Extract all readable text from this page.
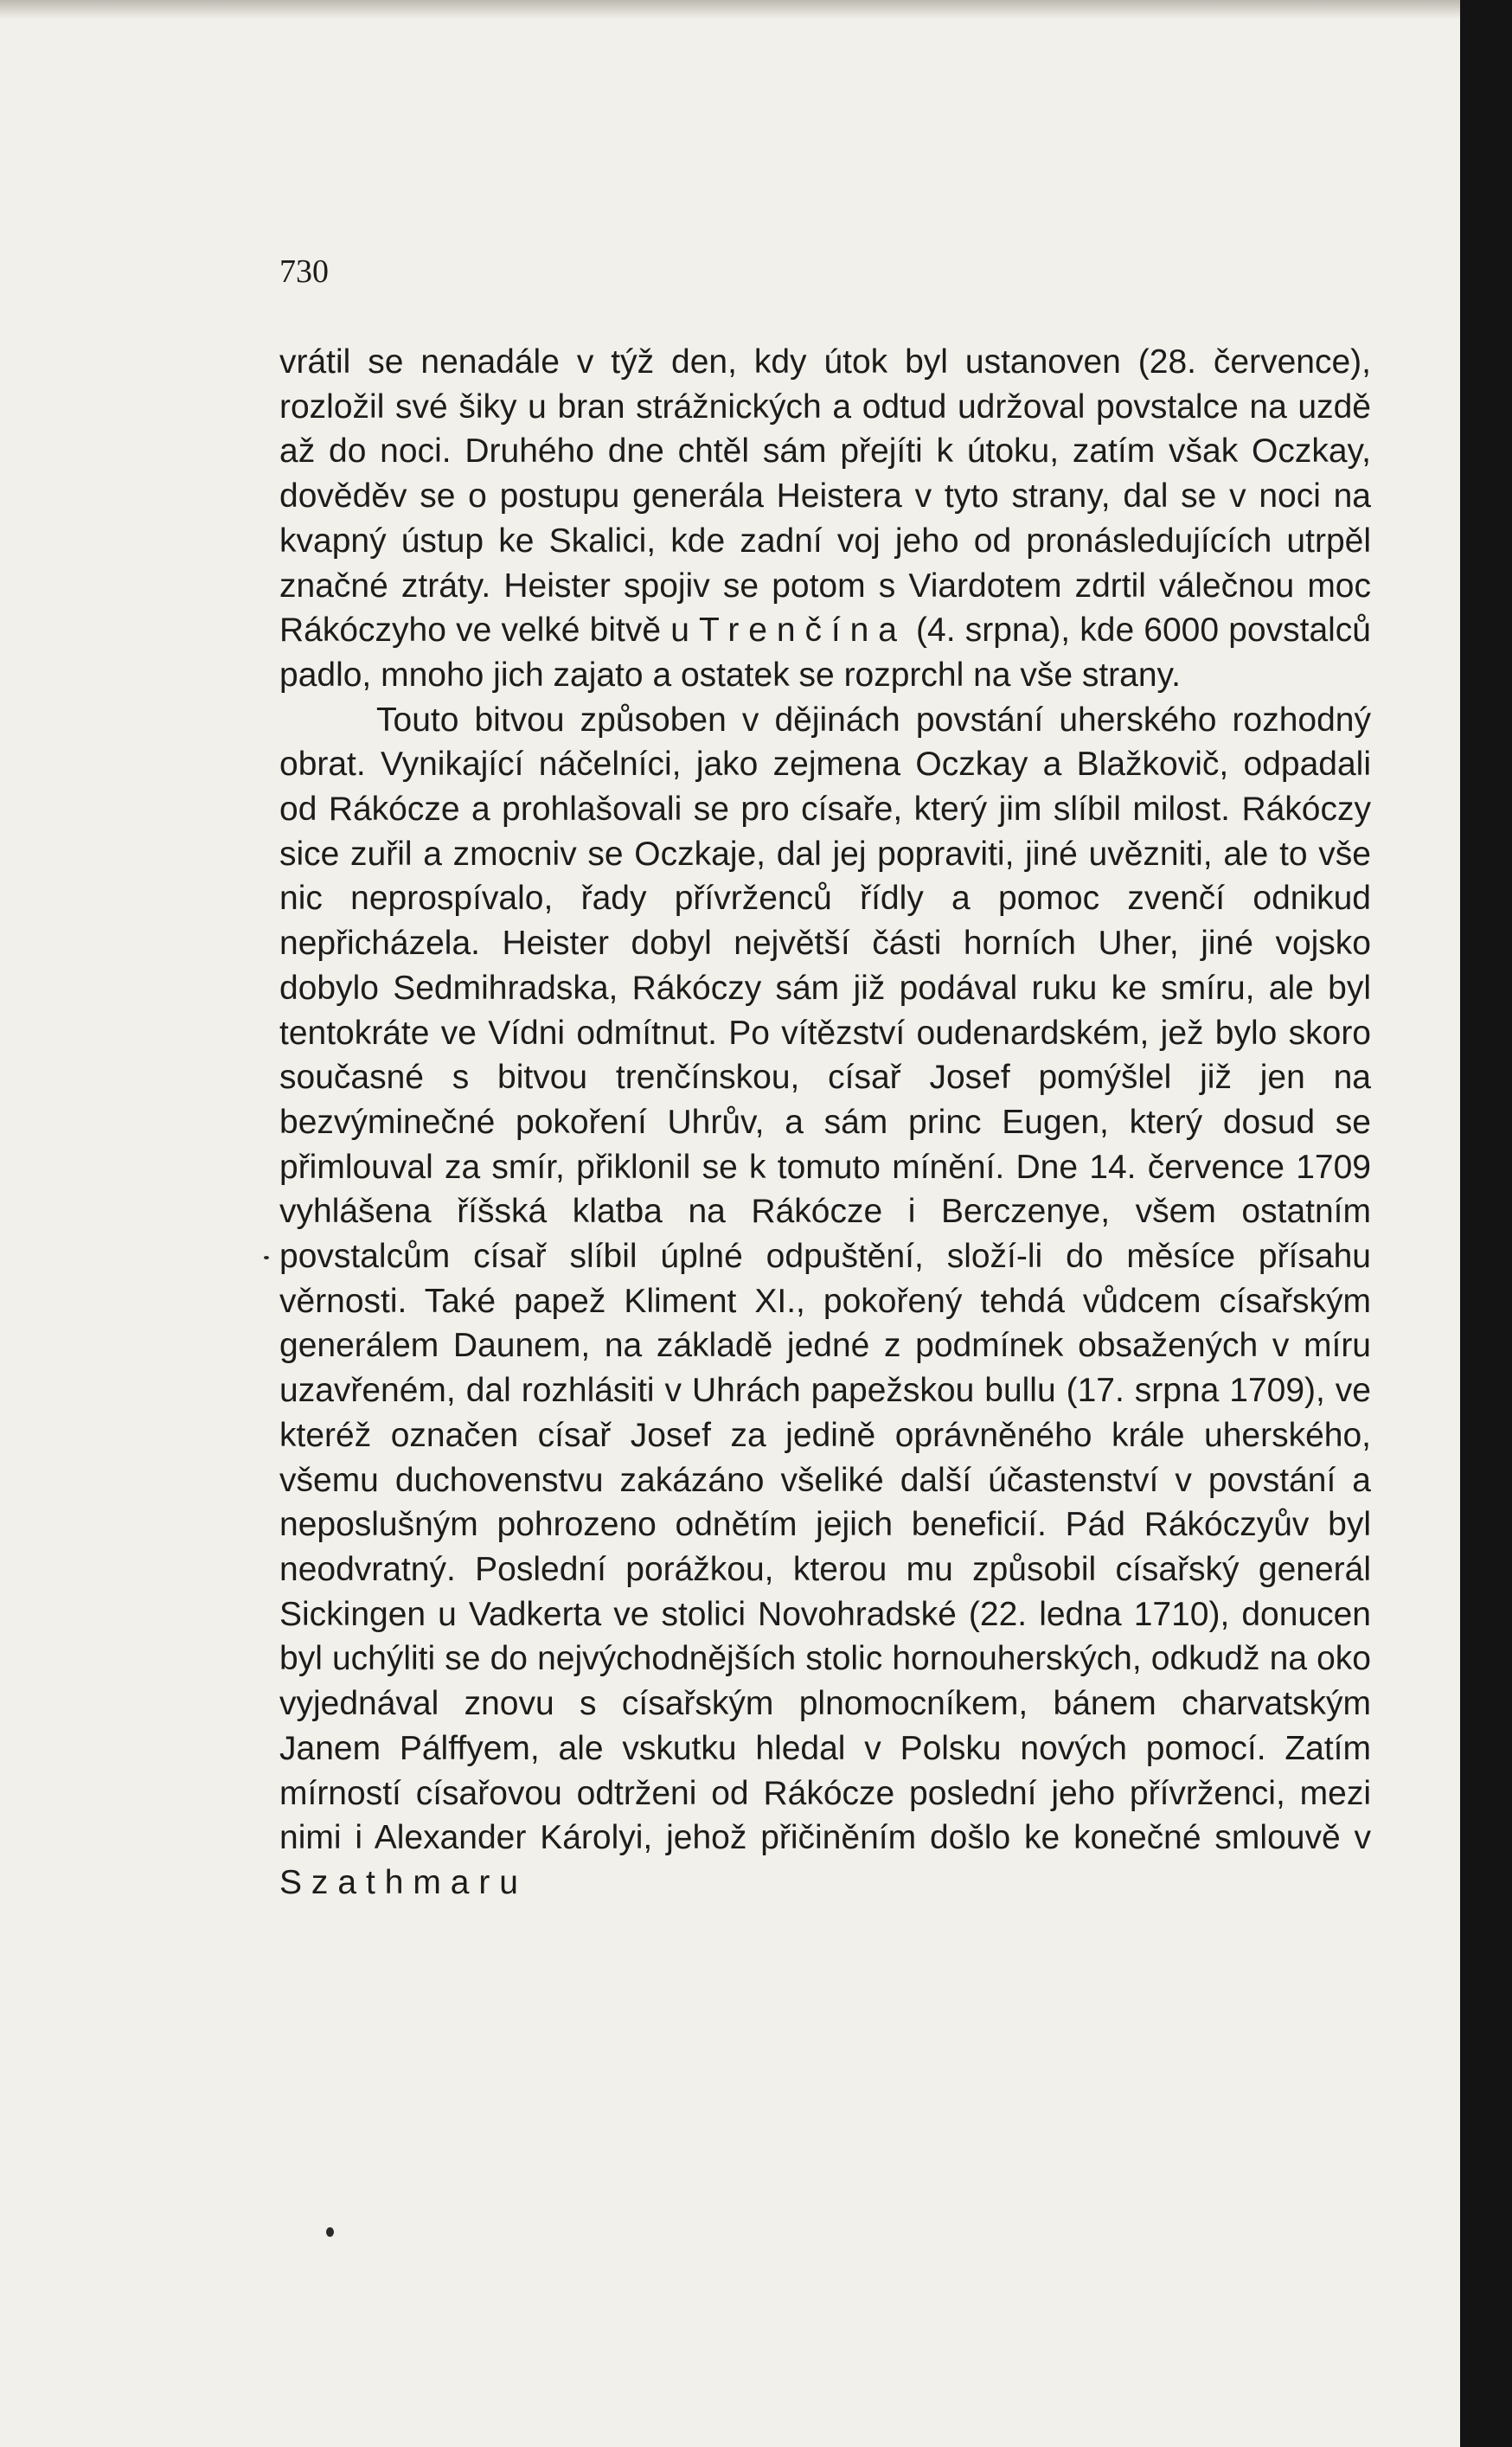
730

vrátil se nenadále v týž den, kdy útok byl ustanoven (28. července), rozložil své šiky u bran strážnických a odtud udržoval povstalce na uzdě až do noci. Druhého dne chtěl sám přejíti k útoku, zatím však Oczkay, dověděv se o postupu generála Heistera v tyto strany, dal se v noci na kvapný ústup ke Skalici, kde zadní voj jeho od pronásledujících utrpěl značné ztráty. Heister spojiv se potom s Viardotem zdrtil válečnou moc Rákóczyho ve velké bitvě u Trenčína (4. srpna), kde 6000 povstalců padlo, mnoho jich zajato a ostatek se rozprchl na vše strany.

Touto bitvou způsoben v dějinách povstání uherského rozhodný obrat. Vynikající náčelníci, jako zejmena Oczkay a Blažkovič, odpadali od Rákócze a prohlašovali se pro císaře, který jim slíbil milost. Rákóczy sice zuřil a zmocniv se Oczkaje, dal jej popraviti, jiné uvězniti, ale to vše nic neprospívalo, řady přívrženců řídly a pomoc zvenčí odnikud nepřicházela. Heister dobyl největší části horních Uher, jiné vojsko dobylo Sedmihradska, Rákóczy sám již podával ruku ke smíru, ale byl tentokráte ve Vídni odmítnut. Po vítězství oudenardském, jež bylo skoro současné s bitvou trenčínskou, císař Josef pomýšlel již jen na bezvýminečné pokoření Uhrův, a sám princ Eugen, který dosud se přimlouval za smír, přiklonil se k tomuto mínění. Dne 14. července 1709 vyhlášena říšská klatba na Rákócze i Berczenye, všem ostatním povstalcům císař slíbil úplné odpuštění, složí-li do měsíce přísahu věrnosti. Také papež Kliment XI., pokořený tehdá vůdcem císařským generálem Daunem, na základě jedné z podmínek obsažených v míru uzavřeném, dal rozhlásiti v Uhrách papežskou bullu (17. srpna 1709), ve kteréž označen císař Josef za jedině oprávněného krále uherského, všemu duchovenstvu zakázáno všeliké další účastenství v povstání a neposlušným pohrozeno odnětím jejich beneficií. Pád Rákóczyův byl neodvratný. Poslední porážkou, kterou mu způsobil císařský generál Sickingen u Vadkerta ve stolici Novohradské (22. ledna 1710), donucen byl uchýliti se do nejvýchodnějších stolic hornouherských, odkudž na oko vyjednával znovu s císařským plnomocníkem, bánem charvatským Janem Pálffyem, ale vskutku hledal v Polsku nových pomocí. Zatím mírností císařovou odtrženi od Rákócze poslední jeho přívrženci, mezi nimi i Alexander Károlyi, jehož přičiněním došlo ke konečné smlouvě v Szathmaru
